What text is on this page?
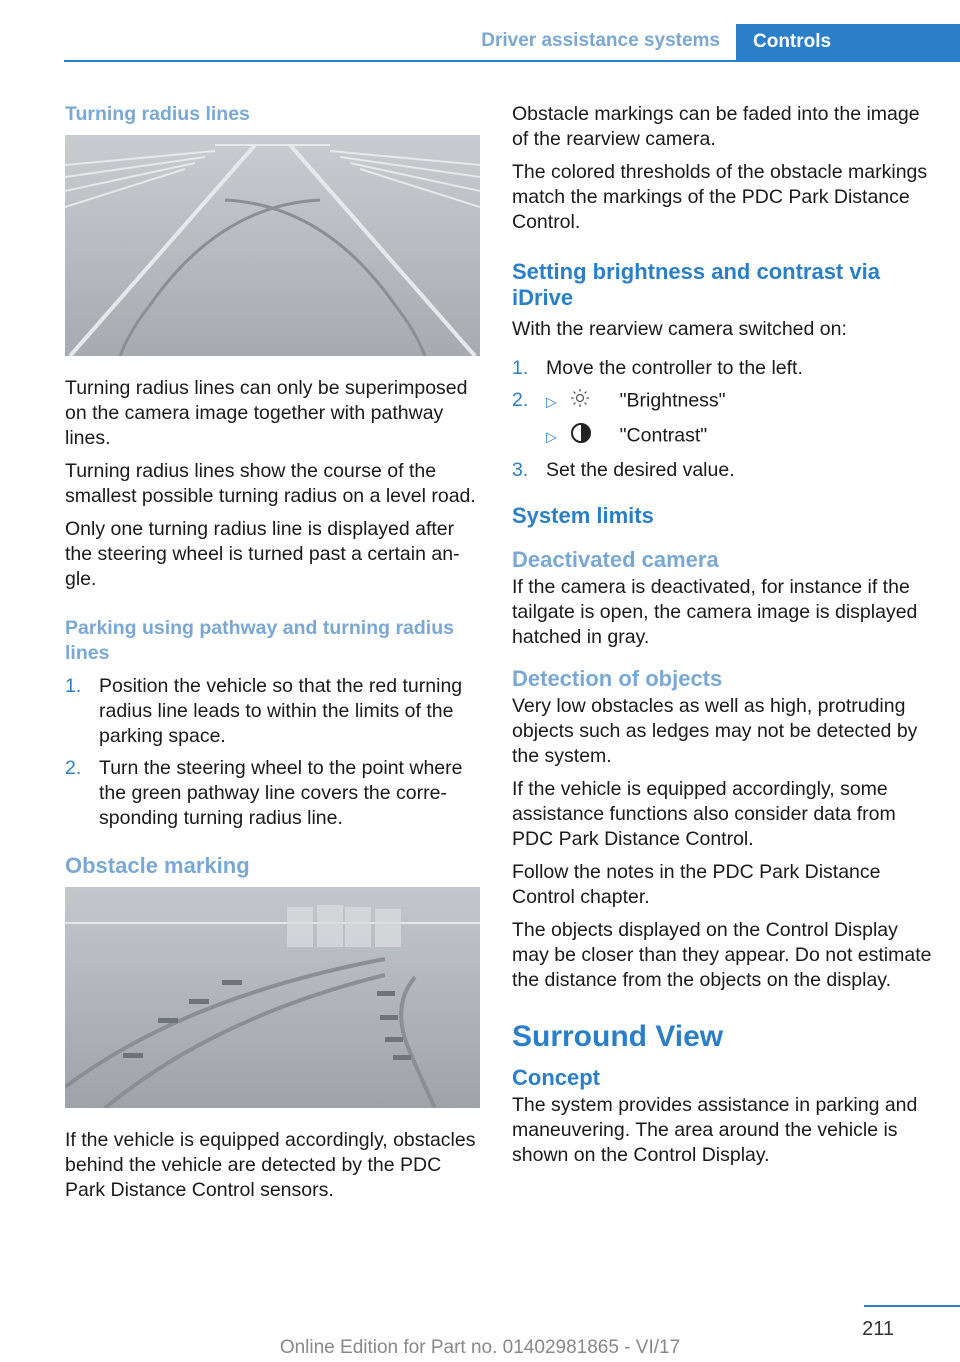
Driver assistance systems	Controls
Turning radius lines

Turning radius lines can only be superimposed on the camera image together with pathway lines.

Turning radius lines show the course of the smallest possible turning radius on a level road.

Only one turning radius line is displayed after the steering wheel is turned past a certain angle.

Parking using pathway and turning radius lines
1. Position the vehicle so that the red turning radius line leads to within the limits of the parking space.
2. Turn the steering wheel to the point where the green pathway line covers the corresponding turning radius line.
Obstacle marking

If the vehicle is equipped accordingly, obstacles behind the vehicle are detected by the PDC Park Distance Control sensors.

Obstacle markings can be faded into the image of the rearview camera.

The colored thresholds of the obstacle markings match the markings of the PDC Park Distance Control.

Setting brightness and contrast via iDrive

With the rearview camera switched on:

1. Move the controller to the left.
2. ▷	"Brightness"
▷	"Contrast"
3. Set the desired value.
System limits
Deactivated camera

If the camera is deactivated, for instance if the tailgate is open, the camera image is displayed hatched in gray.

Detection of objects

Very low obstacles as well as high, protruding objects such as ledges may not be detected by the system.

If the vehicle is equipped accordingly, some assistance functions also consider data from PDC Park Distance Control.

Follow the notes in the PDC Park Distance Control chapter.

The objects displayed on the Control Display may be closer than they appear. Do not estimate the distance from the objects on the display.

Surround View
Concept

The system provides assistance in parking and maneuvering. The area around the vehicle is shown on the Control Display.

211
Online Edition for Part no. 01402981865 - VI/17
